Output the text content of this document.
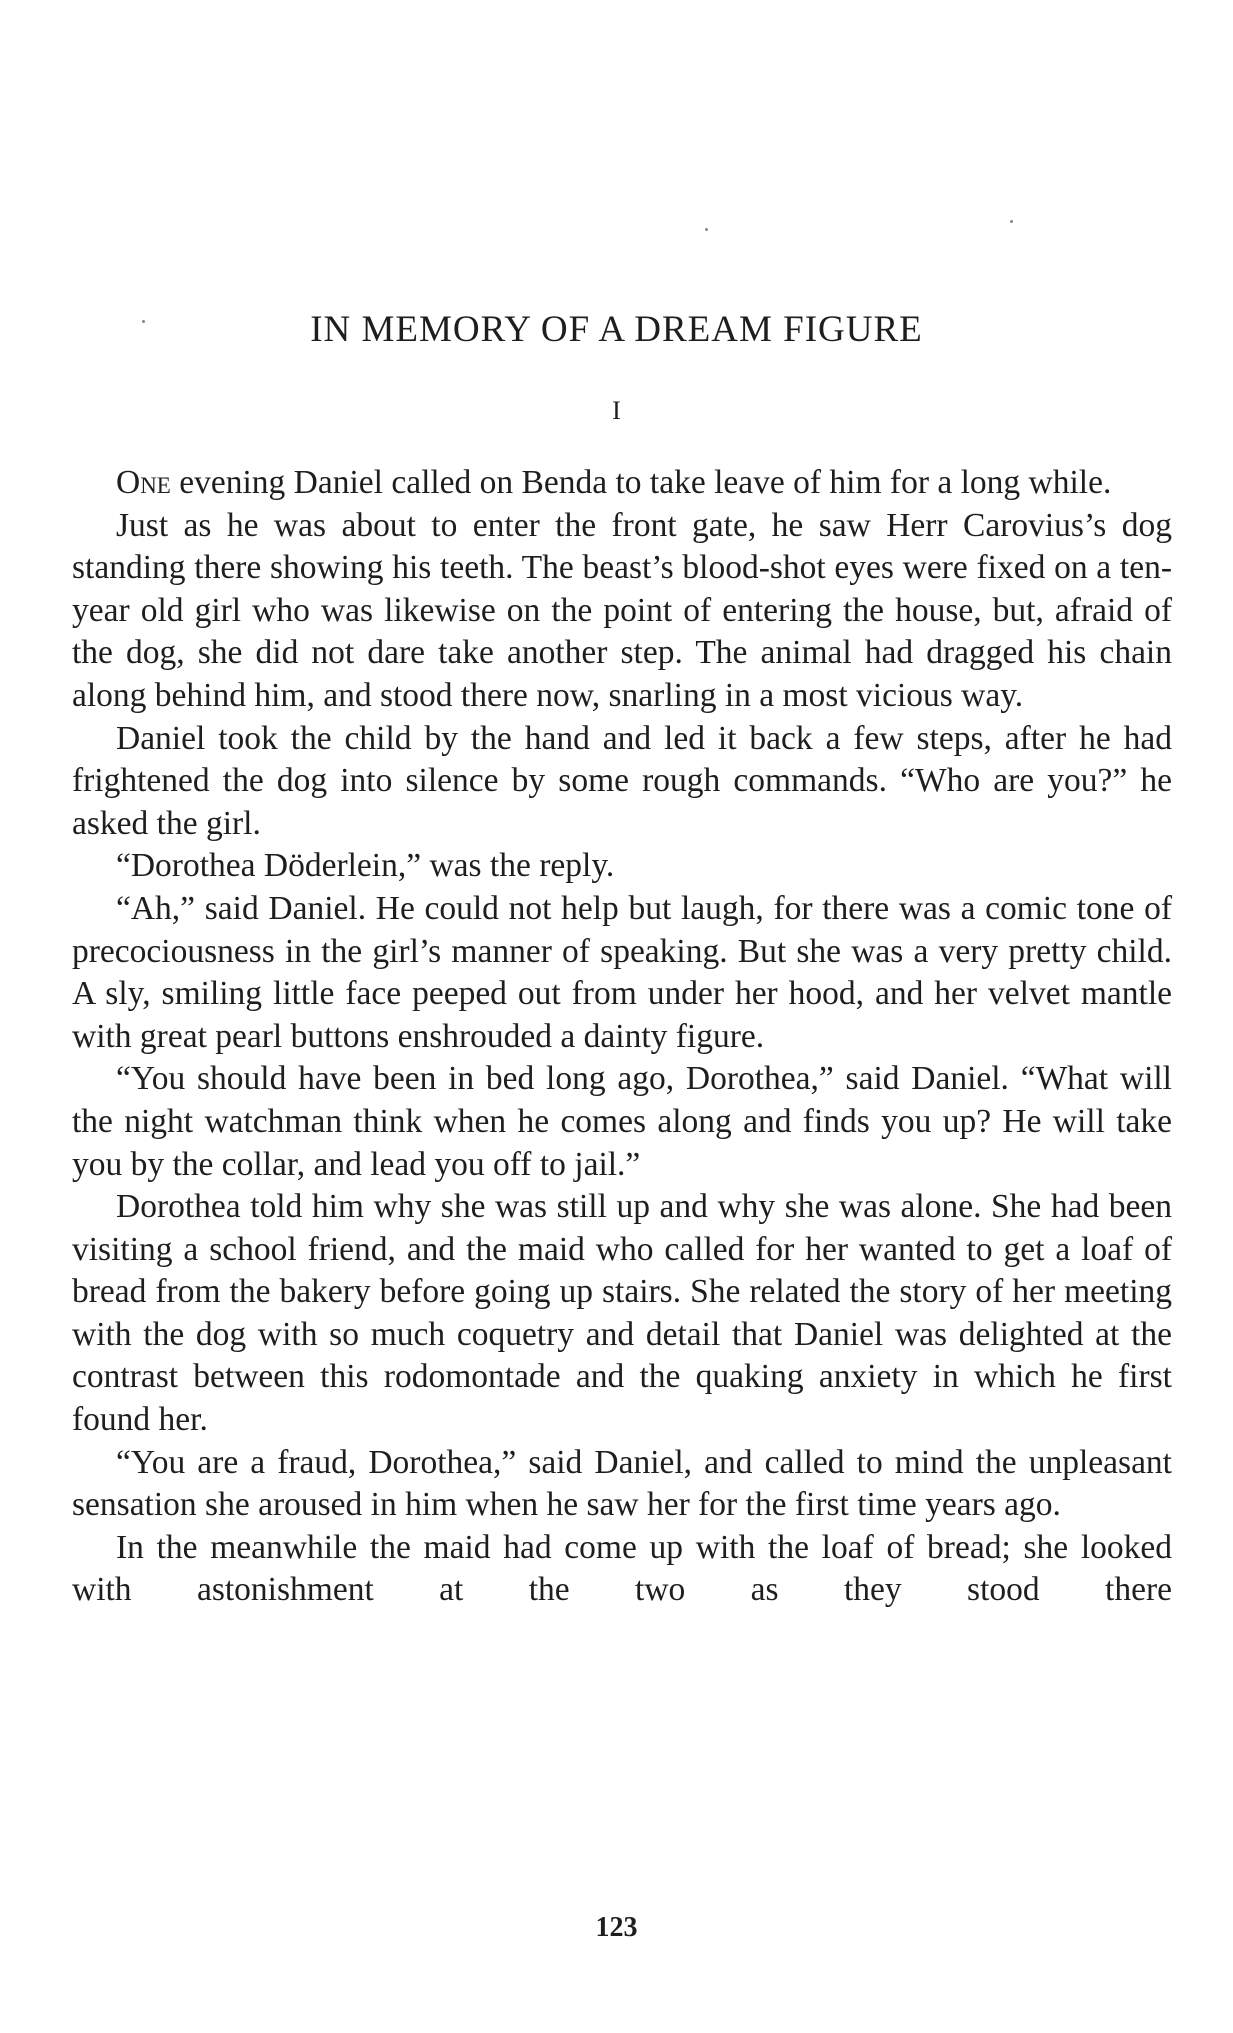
IN MEMORY OF A DREAM FIGURE
I

One evening Daniel called on Benda to take leave of him for a long while.

Just as he was about to enter the front gate, he saw Herr Carovius’s dog standing there showing his teeth. The beast’s blood-shot eyes were fixed on a ten-year old girl who was likewise on the point of entering the house, but, afraid of the dog, she did not dare take another step. The animal had dragged his chain along behind him, and stood there now, snarling in a most vicious way.

Daniel took the child by the hand and led it back a few steps, after he had frightened the dog into silence by some rough commands. “Who are you?” he asked the girl.

“Dorothea Döderlein,” was the reply.

“Ah,” said Daniel. He could not help but laugh, for there was a comic tone of precociousness in the girl’s manner of speaking. But she was a very pretty child. A sly, smiling little face peeped out from under her hood, and her velvet mantle with great pearl buttons enshrouded a dainty figure.

“You should have been in bed long ago, Dorothea,” said Daniel. “What will the night watchman think when he comes along and finds you up? He will take you by the collar, and lead you off to jail.”

Dorothea told him why she was still up and why she was alone. She had been visiting a school friend, and the maid who called for her wanted to get a loaf of bread from the bakery before going up stairs. She related the story of her meeting with the dog with so much coquetry and detail that Daniel was delighted at the contrast between this rodomontade and the quaking anxiety in which he first found her.

“You are a fraud, Dorothea,” said Daniel, and called to mind the unpleasant sensation she aroused in him when he saw her for the first time years ago.

In the meanwhile the maid had come up with the loaf of bread; she looked with astonishment at the two as they stood there

123
